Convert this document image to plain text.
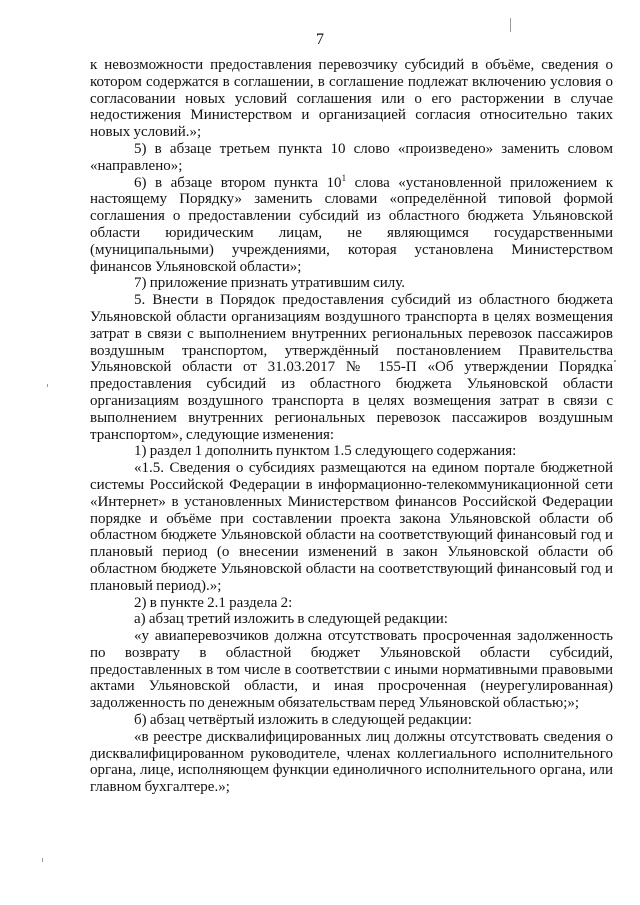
7

к невозможности предоставления перевозчику субсидий в объёме, сведения о котором содержатся в соглашении, в соглашение подлежат включению условия о согласовании новых условий соглашения или о его расторжении в случае недостижения Министерством и организацией согласия относительно таких новых условий.»;

5) в абзаце третьем пункта 10 слово «произведено» заменить словом «направлено»;

6) в абзаце втором пункта $10^1$ слова «установленной приложением к настоящему Порядку» заменить словами «определённой типовой формой соглашения о предоставлении субсидий из областного бюджета Ульяновской области юридическим лицам, не являющимся государственными (муниципальными) учреждениями, которая установлена Министерством финансов Ульяновской области»;

7) приложение признать утратившим силу.

5. Внести в Порядок предоставления субсидий из областного бюджета Ульяновской области организациям воздушного транспорта в целях возмещения затрат в связи с выполнением внутренних региональных перевозок пассажиров воздушным транспортом, утверждённый постановлением Правительства Ульяновской области от 31.03.2017 № 155-П «Об утверждении Порядка предоставления субсидий из областного бюджета Ульяновской области организациям воздушного транспорта в целях возмещения затрат в связи с выполнением внутренних региональных перевозок пассажиров воздушным транспортом», следующие изменения:

1) раздел 1 дополнить пунктом 1.5 следующего содержания:

«1.5. Сведения о субсидиях размещаются на едином портале бюджетной системы Российской Федерации в информационно-телекоммуникационной сети «Интернет» в установленных Министерством финансов Российской Федерации порядке и объёме при составлении проекта закона Ульяновской области об областном бюджете Ульяновской области на соответствующий финансовый год и плановый период (о внесении изменений в закон Ульяновской области об областном бюджете Ульяновской области на соответствующий финансовый год и плановый период).»;

2) в пункте 2.1 раздела 2:

а) абзац третий изложить в следующей редакции:

«у авиаперевозчиков должна отсутствовать просроченная задолженность по возврату в областной бюджет Ульяновской области субсидий, предоставленных в том числе в соответствии с иными нормативными правовыми актами Ульяновской области, и иная просроченная (неурегулированная) задолженность по денежным обязательствам перед Ульяновской областью;»;

б) абзац четвёртый изложить в следующей редакции:

«в реестре дисквалифицированных лиц должны отсутствовать сведения о дисквалифицированном руководителе, членах коллегиального исполнительного органа, лице, исполняющем функции единоличного исполнительного органа, или главном бухгалтере.»;
